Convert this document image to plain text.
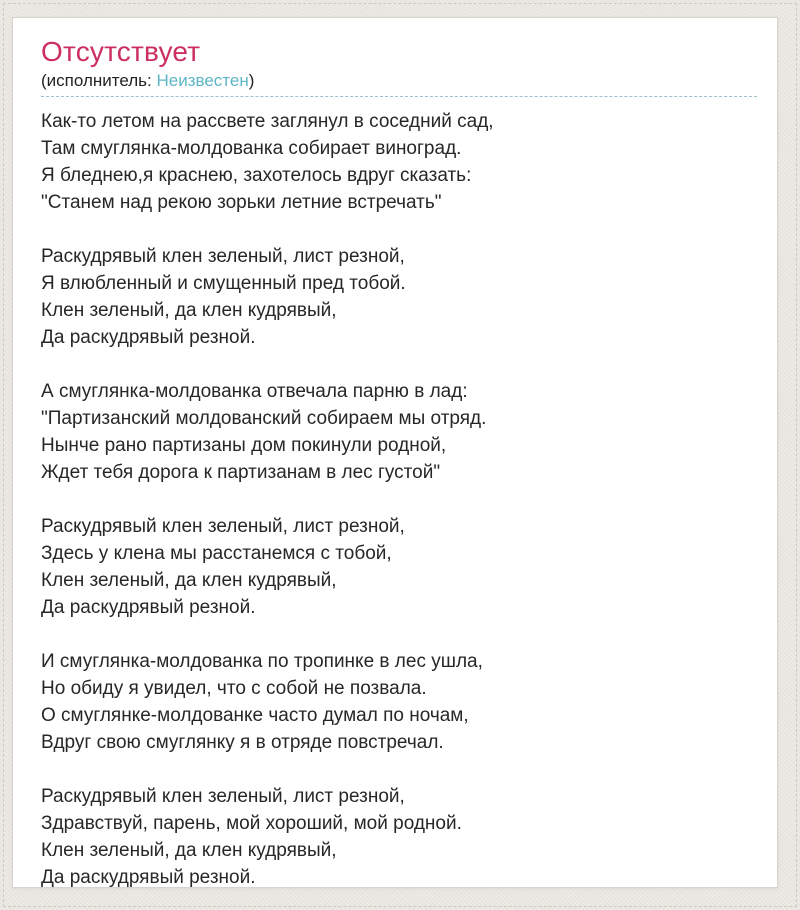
Отсутствует
(исполнитель: Неизвестен)
Как-то летом на рассвете заглянул в соседний сад,
Там смуглянка-молдованка собирает виноград.
Я бледнею,я краснею, захотелось вдруг сказать:
"Станем над рекою зорьки летние встречать"
Раскудрявый клен зеленый, лист резной,
Я влюбленный и смущенный пред тобой.
Клен зеленый, да клен кудрявый,
Да раскудрявый резной.
А смуглянка-молдованка отвечала парню в лад:
"Партизанский молдованский собираем мы отряд.
Нынче рано партизаны дом покинули родной,
Ждет тебя дорога к партизанам в лес густой"
Раскудрявый клен зеленый, лист резной,
Здесь у клена мы расстанемся с тобой,
Клен зеленый, да клен кудрявый,
Да раскудрявый резной.
И смуглянка-молдованка по тропинке в лес ушла,
Но обиду я увидел, что с собой не позвала.
О смуглянке-молдованке часто думал по ночам,
Вдруг свою смуглянку я в отряде повстречал.
Раскудрявый клен зеленый, лист резной,
Здравствуй, парень, мой хороший, мой родной.
Клен зеленый, да клен кудрявый,
Да раскудрявый резной.
